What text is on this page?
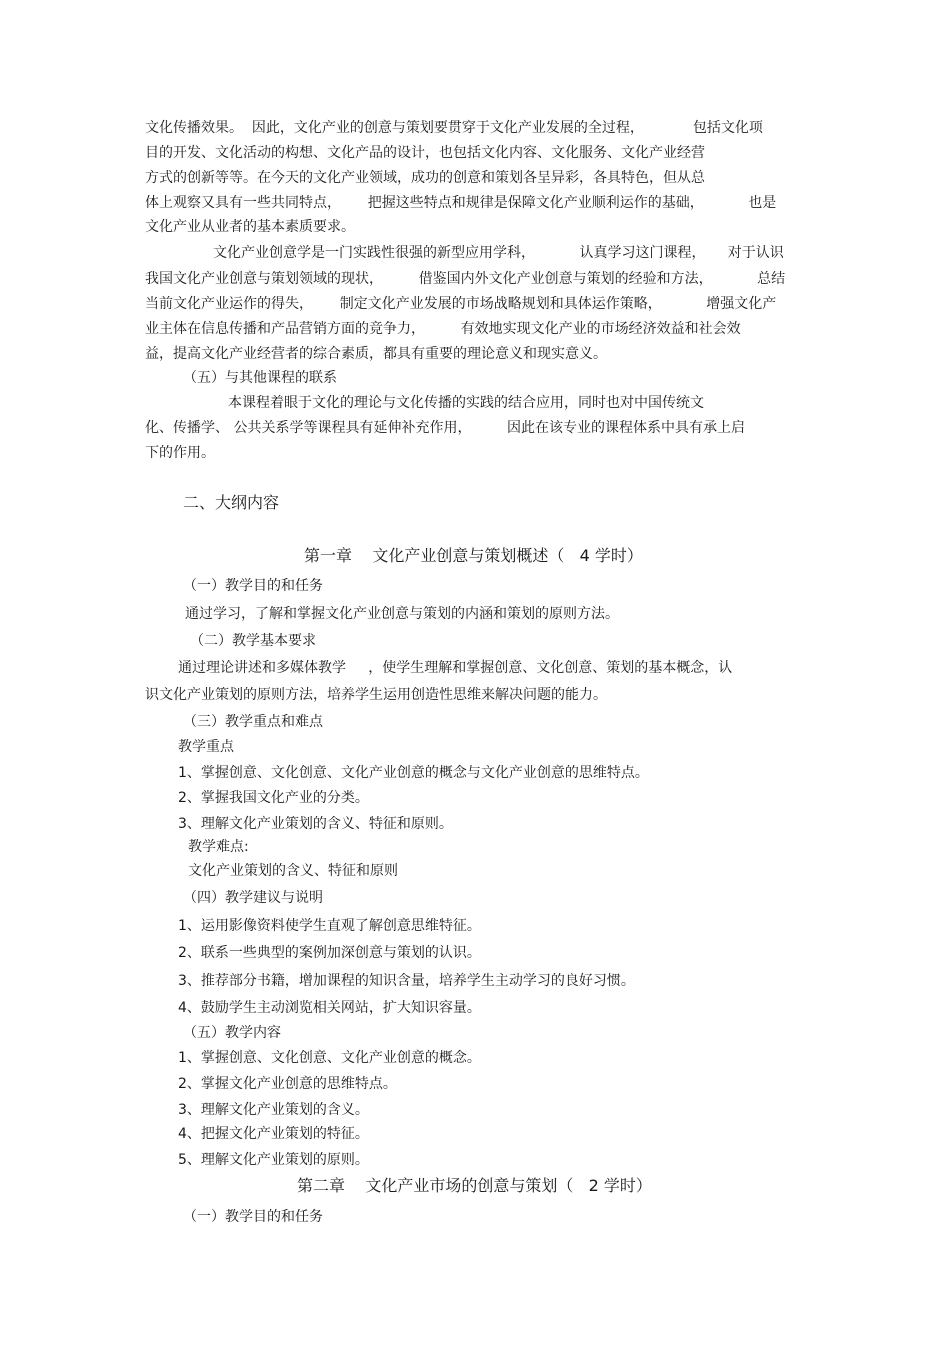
文化传播效果。  因此，文化产业的创意与策划要贯穿于文化产业发展的全过程，           包括文化项
目的开发、文化活动的构想、文化产品的设计，也包括文化内容、文化服务、文化产业经营
方式的创新等等。在今天的文化产业领域，成功的创意和策划各呈异彩，各具特色，但从总
体上观察又具有一些共同特点，      把握这些特点和规律是保障文化产业顺利运作的基础，          也是
文化产业从业者的基本素质要求。
文化产业创意学是一门实践性很强的新型应用学科，          认真学习这门课程，     对于认识
我国文化产业创意与策划领域的现状，        借鉴国内外文化产业创意与策划的经验和方法，          总结
当前文化产业运作的得失，      制定文化产业发展的市场战略规划和具体运作策略，          增强文化产
业主体在信息传播和产品营销方面的竞争力，        有效地实现文化产业的市场经济效益和社会效
益，提高文化产业经营者的综合素质，都具有重要的理论意义和现实意义。
（五）与其他课程的联系
本课程着眼于文化的理论与文化传播的实践的结合应用，同时也对中国传统文
化、传播学、 公共关系学等课程具有延伸补充作用，        因此在该专业的课程体系中具有承上启
下的作用。
二、大纲内容
第一章    文化产业创意与策划概述（   4 学时）
（一）教学目的和任务
通过学习，了解和掌握文化产业创意与策划的内涵和策划的原则方法。
（二）教学基本要求
通过理论讲述和多媒体教学     ，使学生理解和掌握创意、文化创意、策划的基本概念，认
识文化产业策划的原则方法，培养学生运用创造性思维来解决问题的能力。
（三）教学重点和难点
教学重点
1、掌握创意、文化创意、文化产业创意的概念与文化产业创意的思维特点。
2、掌握我国文化产业的分类。
3、理解文化产业策划的含义、特征和原则。
教学难点:
文化产业策划的含义、特征和原则
（四）教学建议与说明
1、运用影像资料使学生直观了解创意思维特征。
2、联系一些典型的案例加深创意与策划的认识。
3、推荐部分书籍，增加课程的知识含量，培养学生主动学习的良好习惯。
4、鼓励学生主动浏览相关网站，扩大知识容量。
（五）教学内容
1、掌握创意、文化创意、文化产业创意的概念。
2、掌握文化产业创意的思维特点。
3、理解文化产业策划的含义。
4、把握文化产业策划的特征。
5、理解文化产业策划的原则。
第二章    文化产业市场的创意与策划（   2 学时）
（一）教学目的和任务
